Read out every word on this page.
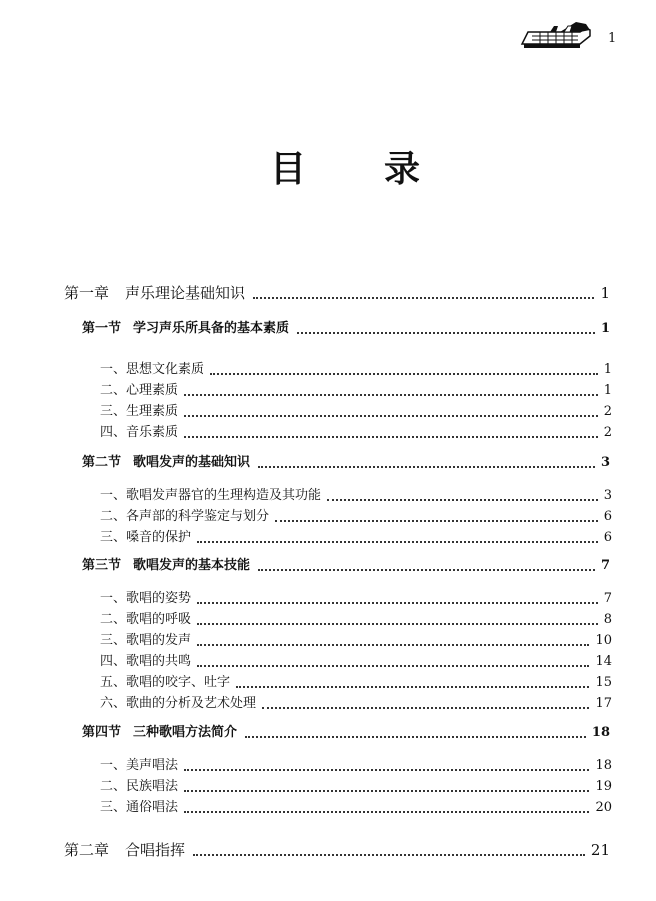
1
目 录
第一章 声乐理论基础知识	1
第一节 学习声乐所具备的基本素质	1
一、思想文化素质	1
二、心理素质	1
三、生理素质	2
四、音乐素质	2
第二节 歌唱发声的基础知识	3
一、歌唱发声器官的生理构造及其功能	3
二、各声部的科学鉴定与划分	6
三、嗓音的保护	6
第三节 歌唱发声的基本技能	7
一、歌唱的姿势	7
二、歌唱的呼吸	8
三、歌唱的发声	10
四、歌唱的共鸣	14
五、歌唱的咬字、吐字	15
六、歌曲的分析及艺术处理	17
第四节 三种歌唱方法简介	18
一、美声唱法	18
二、民族唱法	19
三、通俗唱法	20
第二章 合唱指挥	21
